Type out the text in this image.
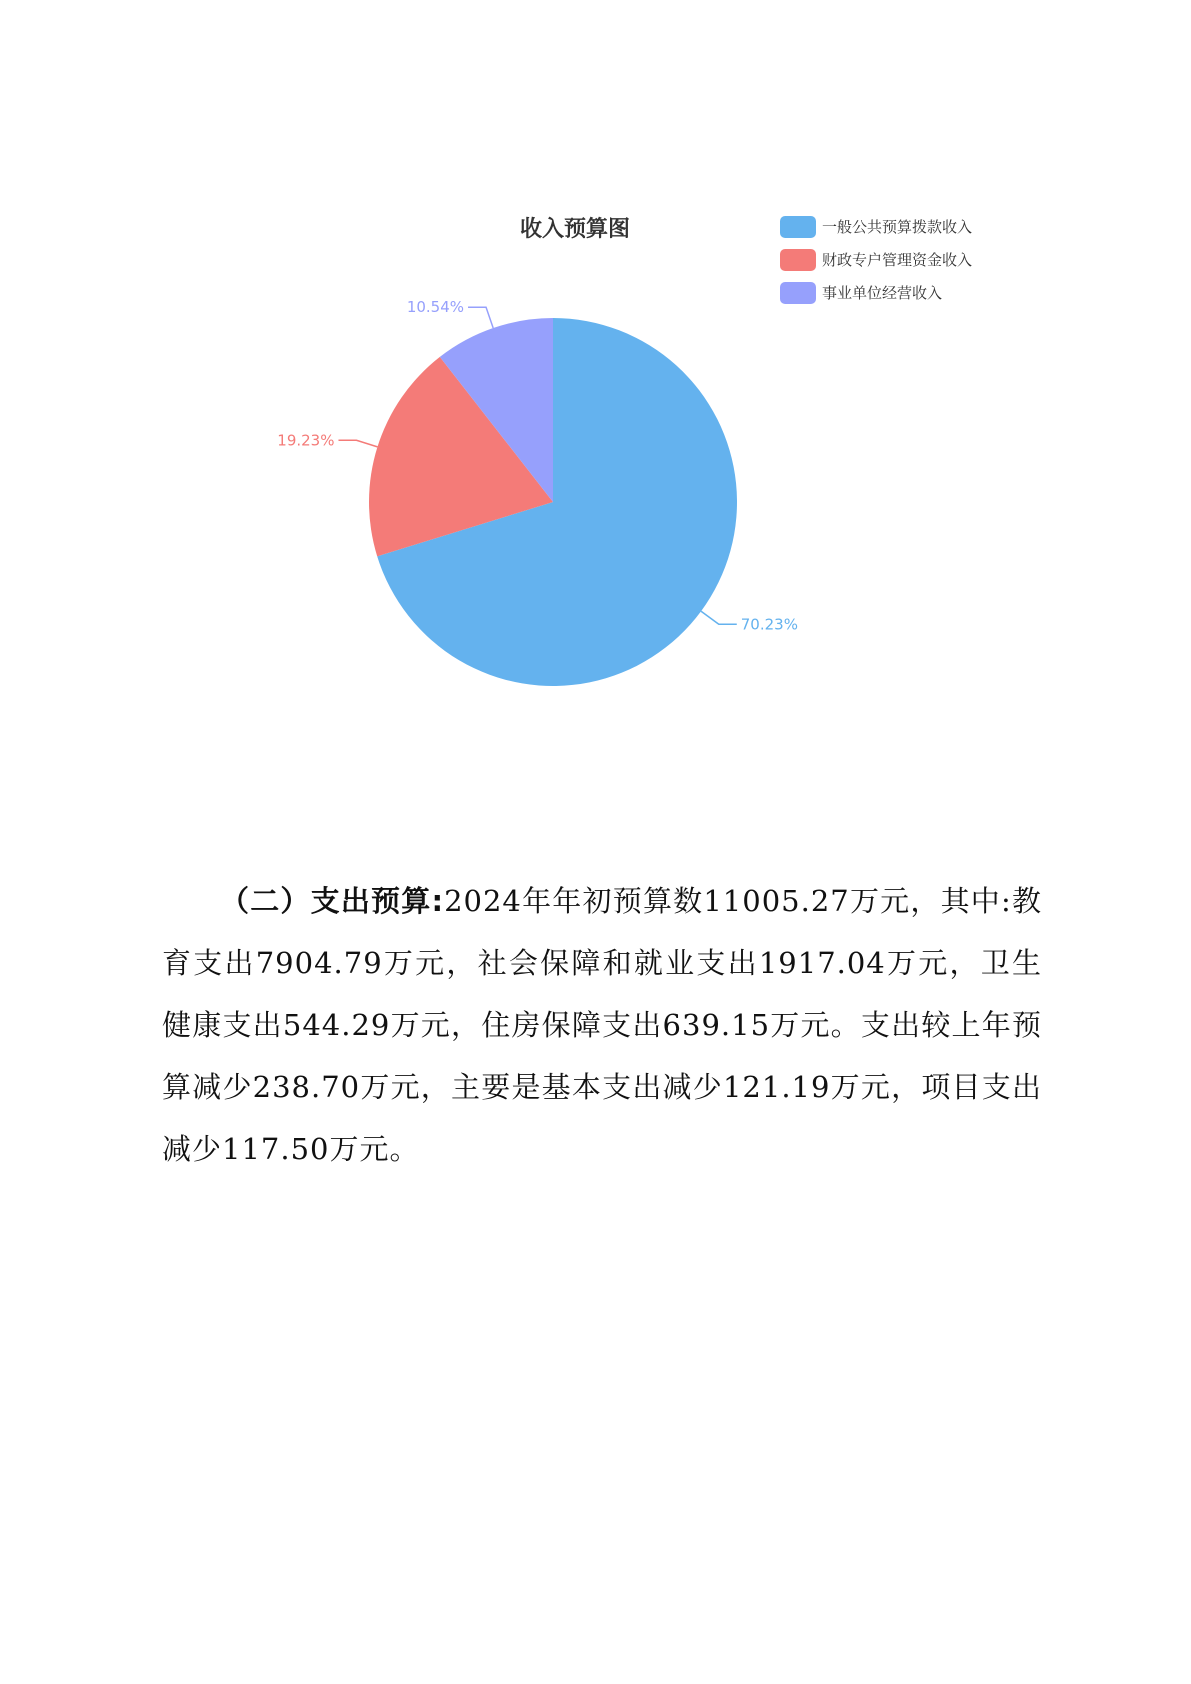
70.23%
19.23%
10.54%
收入预算图	一般公共预算拨款收入
财政专户管理资金收入
事业单位经营收入

（二）支出预算:2024年年初预算数11005.27万元，其中:教育支出7904.79万元，社会保障和就业支出1917.04万元，卫生健康支出544.29万元，住房保障支出639.15万元。支出较上年预算减少238.70万元，主要是基本支出减少121.19万元，项目支出减少117.50万元。
